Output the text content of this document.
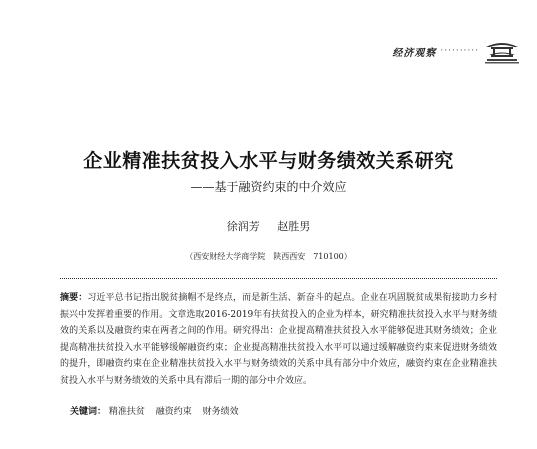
经济观察 ··········
企业精准扶贫投入水平与财务绩效关系研究
——基于融资约束的中介效应
徐润芳 赵胜男
（西安财经大学商学院　陕西西安　710100）

摘要：习近平总书记指出脱贫摘帽不是终点，而是新生活、新奋斗的起点。企业在巩固脱贫成果衔接助力乡村振兴中发挥着重要的作用。文章选取2016-2019年有扶贫投入的企业为样本，研究精准扶贫投入水平与财务绩效的关系以及融资约束在两者之间的作用。研究得出：企业提高精准扶贫投入水平能够促进其财务绩效；企业提高精准扶贫投入水平能够缓解融资约束；企业提高精准扶贫投入水平可以通过缓解融资约束来促进财务绩效的提升，即融资约束在企业精准扶贫投入水平与财务绩效的关系中具有部分中介效应，融资约束在企业精准扶贫投入水平与财务绩效的关系中具有滞后一期的部分中介效应。

关键词： 精准扶贫 融资约束 财务绩效
